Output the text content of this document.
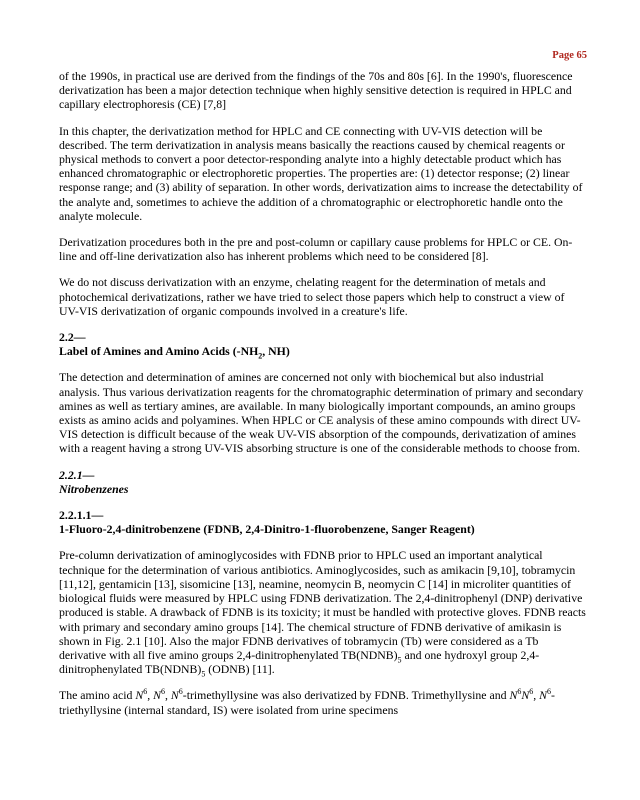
Page 65

of the 1990s, in practical use are derived from the findings of the 70s and 80s [6]. In the 1990's, fluorescence derivatization has been a major detection technique when highly sensitive detection is required in HPLC and capillary electrophoresis (CE) [7,8]

In this chapter, the derivatization method for HPLC and CE connecting with UV-VIS detection will be described. The term derivatization in analysis means basically the reactions caused by chemical reagents or physical methods to convert a poor detector-responding analyte into a highly detectable product which has enhanced chromatographic or electrophoretic properties. The properties are: (1) detector response; (2) linear response range; and (3) ability of separation. In other words, derivatization aims to increase the detectability of the analyte and, sometimes to achieve the addition of a chromatographic or electrophoretic handle onto the analyte molecule.

Derivatization procedures both in the pre and post-column or capillary cause problems for HPLC or CE. On-line and off-line derivatization also has inherent problems which need to be considered [8].

We do not discuss derivatization with an enzyme, chelating reagent for the determination of metals and photochemical derivatizations, rather we have tried to select those papers which help to construct a view of UV-VIS derivatization of organic compounds involved in a creature's life.

2.2—
Label of Amines and Amino Acids ($-NH_2$, NH)

The detection and determination of amines are concerned not only with biochemical but also industrial analysis. Thus various derivatization reagents for the chromatographic determination of primary and secondary amines as well as tertiary amines, are available. In many biologically important compounds, an amino groups exists as amino acids and polyamines. When HPLC or CE analysis of these amino compounds with direct UV-VIS detection is difficult because of the weak UV-VIS absorption of the compounds, derivatization of amines with a reagent having a strong UV-VIS absorbing structure is one of the considerable methods to choose from.

2.2.1—
Nitrobenzenes
2.2.1.1—
1-Fluoro-2,4-dinitrobenzene (FDNB, 2,4-Dinitro-1-fluorobenzene, Sanger Reagent)

Pre-column derivatization of aminoglycosides with FDNB prior to HPLC used an important analytical technique for the determination of various antibiotics. Aminoglycosides, such as amikacin [9,10], tobramycin [11,12], gentamicin [13], sisomicine [13], neamine, neomycin B, neomycin C [14] in microliter quantities of biological fluids were measured by HPLC using FDNB derivatization. The 2,4-dinitrophenyl (DNP) derivative produced is stable. A drawback of FDNB is its toxicity; it must be handled with protective gloves. FDNB reacts with primary and secondary amino groups [14]. The chemical structure of FDNB derivative of amikasin is shown in Fig. 2.1 [10]. Also the major FDNB derivatives of tobramycin (Tb) were considered as a Tb derivative with all five amino groups 2,4-dinitrophenylated $TB(NDNB)_5$ and one hydroxyl group 2,4-dinitrophenylated $TB(NDNB)_5$ (ODNB) [11].

The amino acid $N^6$, $N^6$, $N^6$-trimethyllysine was also derivatized by FDNB. Trimethyllysine and $N^6N^6$, $N^6$-triethyllysine (internal standard, IS) were isolated from urine specimens
